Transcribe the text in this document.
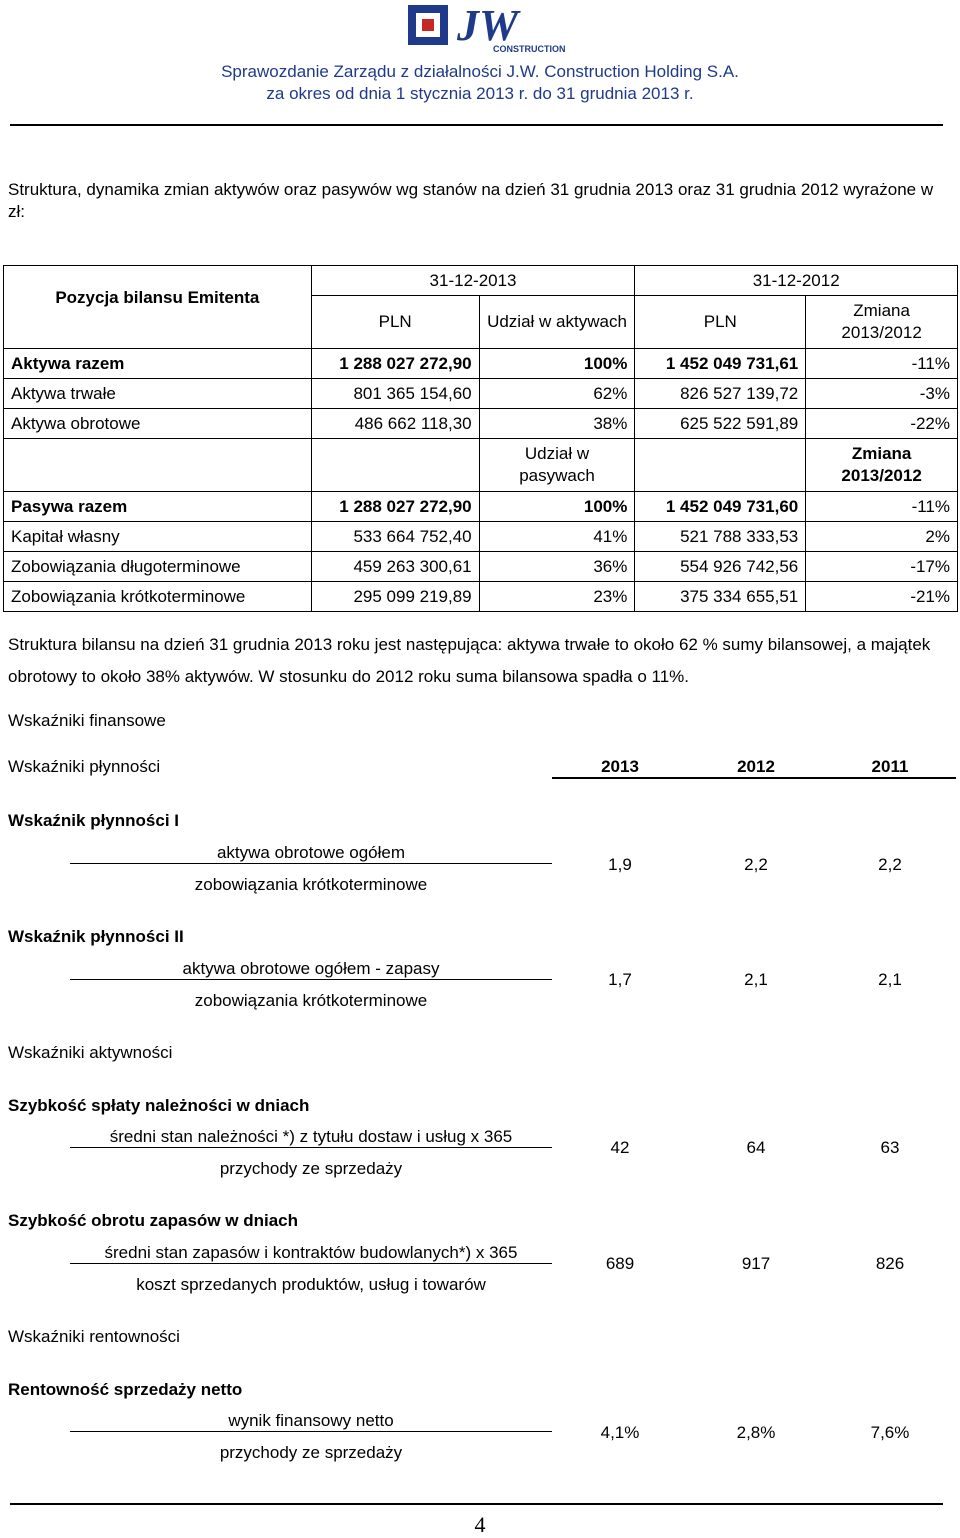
JW
CONSTRUCTION
Sprawozdanie Zarządu z działalności J.W. Construction Holding S.A.
za okres od dnia 1 stycznia 2013 r. do 31 grudnia 2013 r.
Struktura, dynamika zmian aktywów oraz pasywów wg stanów na dzień 31 grudnia 2013 oraz 31 grudnia 2012 wyrażone w zł:
Pozycja bilansu Emitenta	31-12-2013		31-12-2012	
	PLN	Udział w aktywach	PLN	Zmiana 2013/2012
Aktywa razem	1 288 027 272,90	100%	1 452 049 731,61	-11%
Aktywa trwałe	801 365 154,60	62%	826 527 139,72	-3%
Aktywa obrotowe	486 662 118,30	38%	625 522 591,89	-22%
		Udział w pasywach		Zmiana 2013/2012
Pasywa razem	1 288 027 272,90	100%	1 452 049 731,60	-11%
Kapitał własny	533 664 752,40	41%	521 788 333,53	2%
Zobowiązania długoterminowe	459 263 300,61	36%	554 926 742,56	-17%
Zobowiązania krótkoterminowe	295 099 219,89	23%	375 334 655,51	-21%
Struktura bilansu na dzień 31 grudnia 2013 roku jest następująca: aktywa trwałe to około 62 % sumy bilansowej, a majątek obrotowy to około 38% aktywów. W stosunku do 2012 roku suma bilansowa spadła o 11%.
Wskaźniki finansowe
Wskaźniki płynności	2013	2012	2011
Wskaźnik płynności I
aktywa obrotowe ogółem
zobowiązania krótkoterminowe
1,9	2,2	2,2
Wskaźnik płynności II
aktywa obrotowe ogółem - zapasy
zobowiązania krótkoterminowe
1,7	2,1	2,1
Wskaźniki aktywności
Szybkość spłaty należności w dniach
średni stan należności *) z tytułu dostaw i usług x 365
przychody ze sprzedaży
42	64	63
Szybkość obrotu zapasów w dniach
średni stan zapasów i kontraktów budowlanych*) x 365
koszt sprzedanych produktów, usług i towarów
689	917	826
Wskaźniki rentowności
Rentowność sprzedaży netto
wynik finansowy netto
przychody ze sprzedaży
4,1%	2,8%	7,6%
4
